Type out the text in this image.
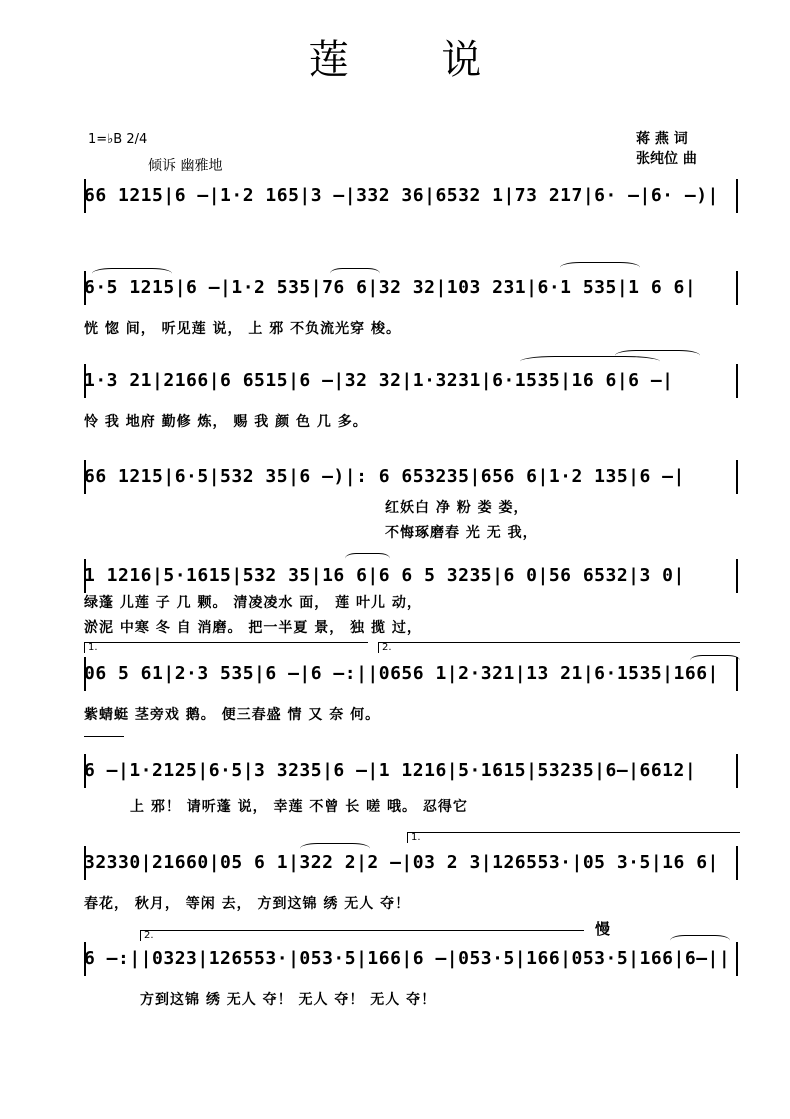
莲 说
1=♭B 2/4
倾诉 幽雅地
蒋 燕 词
张纯位 曲
66 1215|6 –|1·2 165|3 –|332 36|6532 1|73 217|6· –|6· –)|
6·5 1215|6 –|1·2 535|76 6|32 32|103 231|6·1 535|1 6 6|
恍 惚 间， 听见莲 说， 上 邪 不负流光穿 梭。
1·3 21|2166|6 6515|6 –|32 32|1·3231|6·1535|16 6|6 –|
怜 我 地府 勤修 炼， 赐 我 颜 色 几 多。
66 1215|6·5|532 35|6 –)|: 6 653235|656 6|1·2 135|6 –|
红妖白 净 粉 娄 娄，
不悔琢磨春 光 无 我，
1 1216|5·1615|532 35|16 6|6 6 5 3235|6 0|56 6532|3 0|
绿蓬 儿莲 子 几 颗。 清凌凌水 面， 莲 叶儿 动，
淤泥 中寒 冬 自 消磨。 把一半夏 景， 独 揽 过，
1.	2.
06 5 61|2·3 535|6 –|6 –:||0656 1|2·321|13 21|6·1535|166|
紫蜻蜓 茎旁戏 鹅。 便三春盛 情 又 奈 何。
6 –|1·2125|6·5|3 3235|6 –|1 1216|5·1615|53235|6–|6612|
上 邪！ 请听蓬 说， 幸莲 不曾 长 嗟 哦。 忍得它
1.
32330|21660|05 6 1|322 2|2 –|03 2 3|126553·|05 3·5|16 6|
春花， 秋月， 等闲 去， 方到这锦 绣 无人 夺！
慢
2.
6 –:||0323|126553·|053·5|166|6 –|053·5|166|053·5|166|6–||
方到这锦 绣 无人 夺！ 无人 夺！ 无人 夺！
